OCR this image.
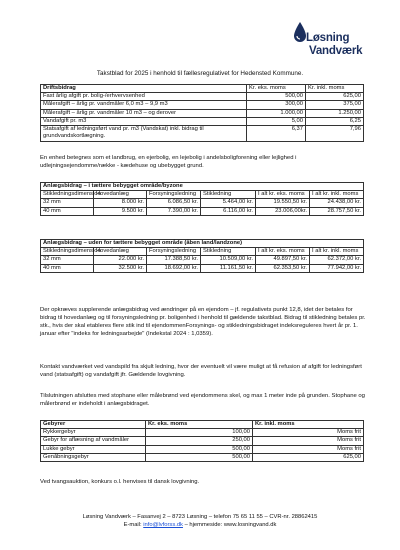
Løsning
Vandværk
Takstblad for 2025 i henhold til fællesregulativet for Hedensted Kommune.
Driftsbidrag	Kr. eks. moms	Kr. inkl. moms
Fast årlig afgift pr. bolig-/erhvervsenhed	500,00	625,00
Målerafgift – årlig pr. vandmåler 6,0 m3 – 9,9 m3	300,00	375,00
Målerafgift – årlig pr. vandmåler 10 m3 – og derover	1.000,00	1.250,00
Vandafgift pr. m3	5,00	6,25
Statsafgift af ledningsført vand pr. m3 (Vandskat) inkl. bidrag til grundvandskortlægning.	6,37	7,96

En enhed betegnes som et landbrug, en ejerbolig, en lejebolig i andelsboligforening eller lejlighed i udlejningsejendomme/række - kædehuse og ubebygget grund.

Anlægsbidrag – i tættere bebygget område/byzone					
Stikledningsdimension	Hovedanlæg	Forsyningsledning	Stikledning	I alt kr. eks. moms	I alt kr. inkl. moms
32 mm	8.000 kr.	6.086,50 kr.	5.464,00 kr.	19.550,50 kr.	24.438,00 kr.
40 mm	9.500 kr.	7.390,00 kr.	6.116,00 kr.	23.006,00kr.	28.757,50 kr.
Anlægsbidrag – uden for tættere bebygget område (åben land/landzone)					
Stikledningsdimension	Hovedanlæg	Forsyningsledning	Stikledning	I alt kr. eks. moms	I alt kr. inkl. moms
32 mm	22.000 kr.	17.388,50 kr.	10.509,00 kr.	49.897,50 kr.	62.372,00 kr.
40 mm	32.500 kr.	18.692,00 kr.	11.161,50 kr.	62.353,50 kr.	77.942,00 kr.

Der opkræves supplerende anlægsbidrag ved ændringer på en ejendom – jf. regulativets punkt 12,8, idet der betales for bidrag til hovedanlæg og til forsyningsledning pr. boligenhed i henhold til gældende takstblad. Bidrag til stikledning betales pr. stk., hvis der skal etableres flere stik ind til ejendommenForsynings- og stikledningsbidraget indeksreguleres hvert år pr. 1. januar efter "indeks for ledningsarbejde" (Indekstal 2024 : 1,0359).

Kontakt vandværket ved vandspild fra skjult ledning, hvor der eventuelt vil være muligt at få refusion af afgift for ledningsført vand (statsafgift) og vandafgift jfr. Gældende lovgivning.

Tilslutningen afsluttes med stophane eller målebrønd ved ejendommens skel, og max 1 meter inde på grunden. Stophane og målerbrønd er indeholdt i anlægsbidraget.

Gebyrer	Kr. eks. moms	Kr. inkl. moms
Rykkergebyr	100,00	Moms frit
Gebyr for aflæsning af vandmåler	250,00	Moms frit
Lukke gebyr	500,00	Moms frit
Genåbningsgebyr	500,00	625,00

Ved tvangsauktion, konkurs o.l. henvises til dansk lovgivning.

Løsning Vandværk – Fasanvej 2 – 8723 Løsning – telefon 75 65 11 55 – CVR-nr. 28862415
E-mail: info@lvforss.dk – hjemmeside: www.losningvand.dk
